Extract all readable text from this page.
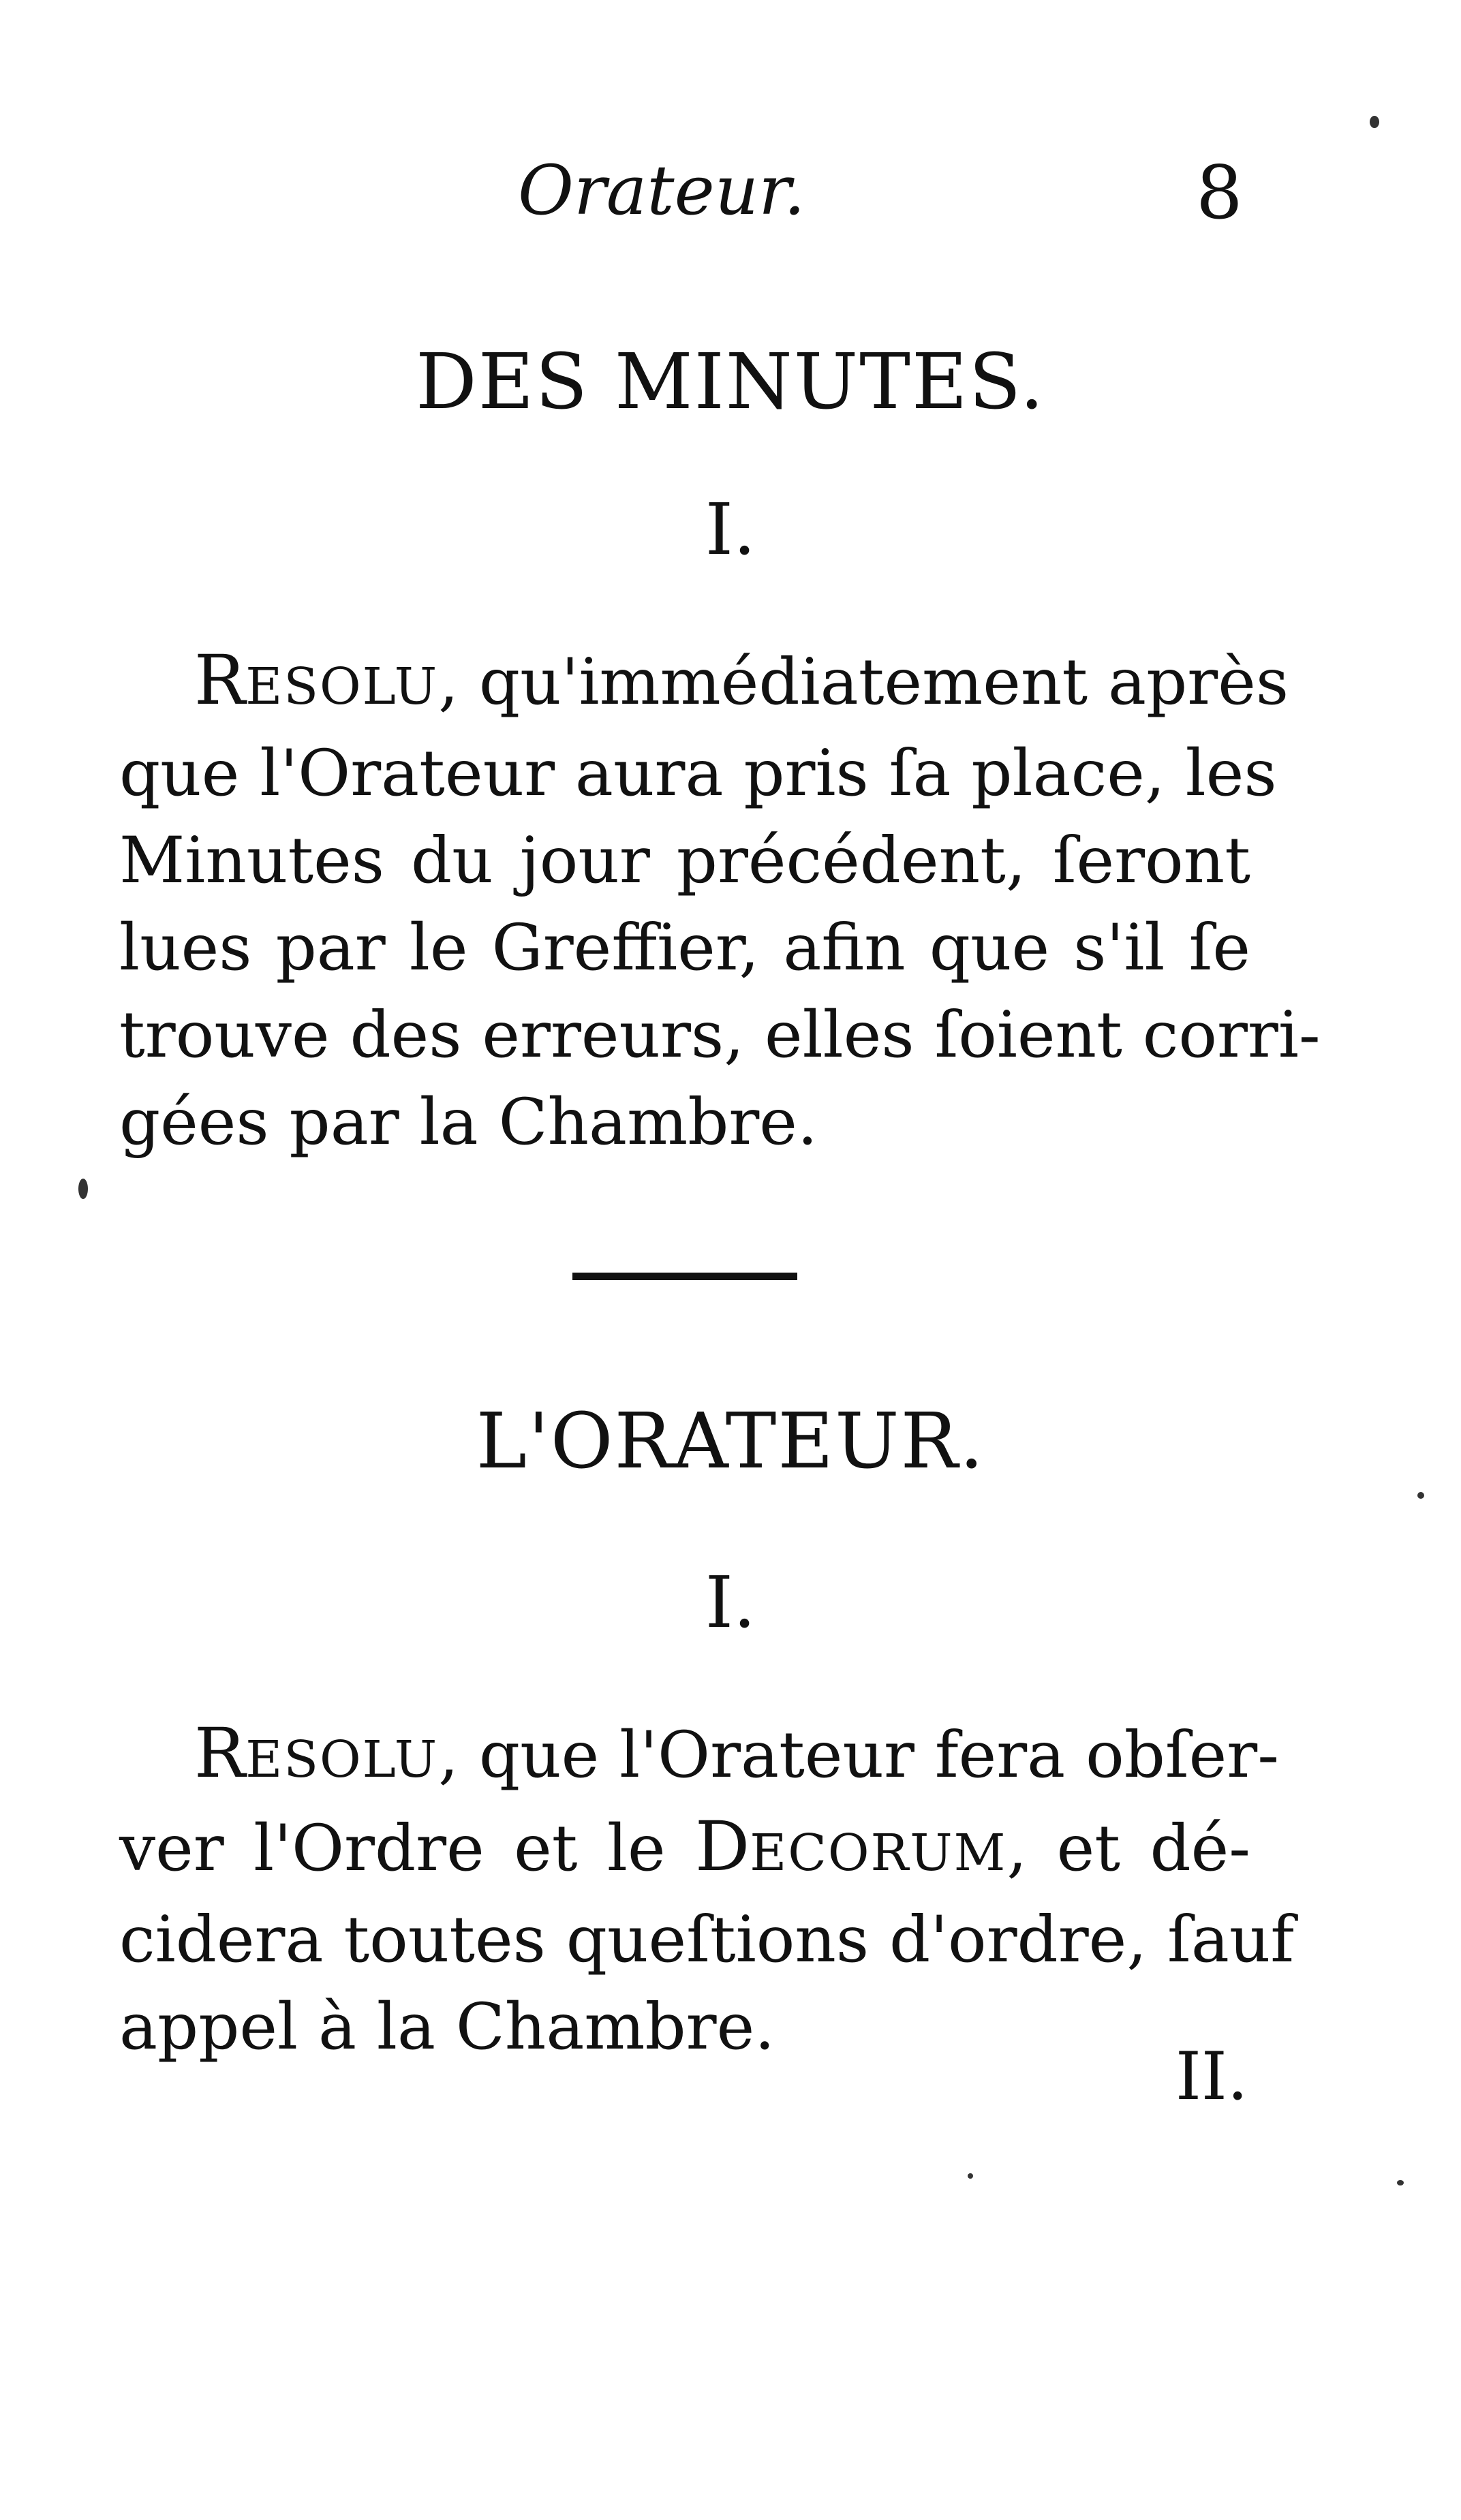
Orateur.	8
DES MINUTES.
I.
RESOLU, qu'immédiatement après
que l'Orateur aura pris ſa place, les
Minutes du jour précédent, ſeront
lues par le Greffier, afin que s'il ſe
trouve des erreurs, elles ſoient corri-
gées par la Chambre.
L'ORATEUR.
I.
RESOLU, que l'Orateur fera obſer-
ver l'Ordre et le DECORUM, et dé-
cidera toutes queſtions d'ordre, ſauf
appel à la Chambre.
II.
